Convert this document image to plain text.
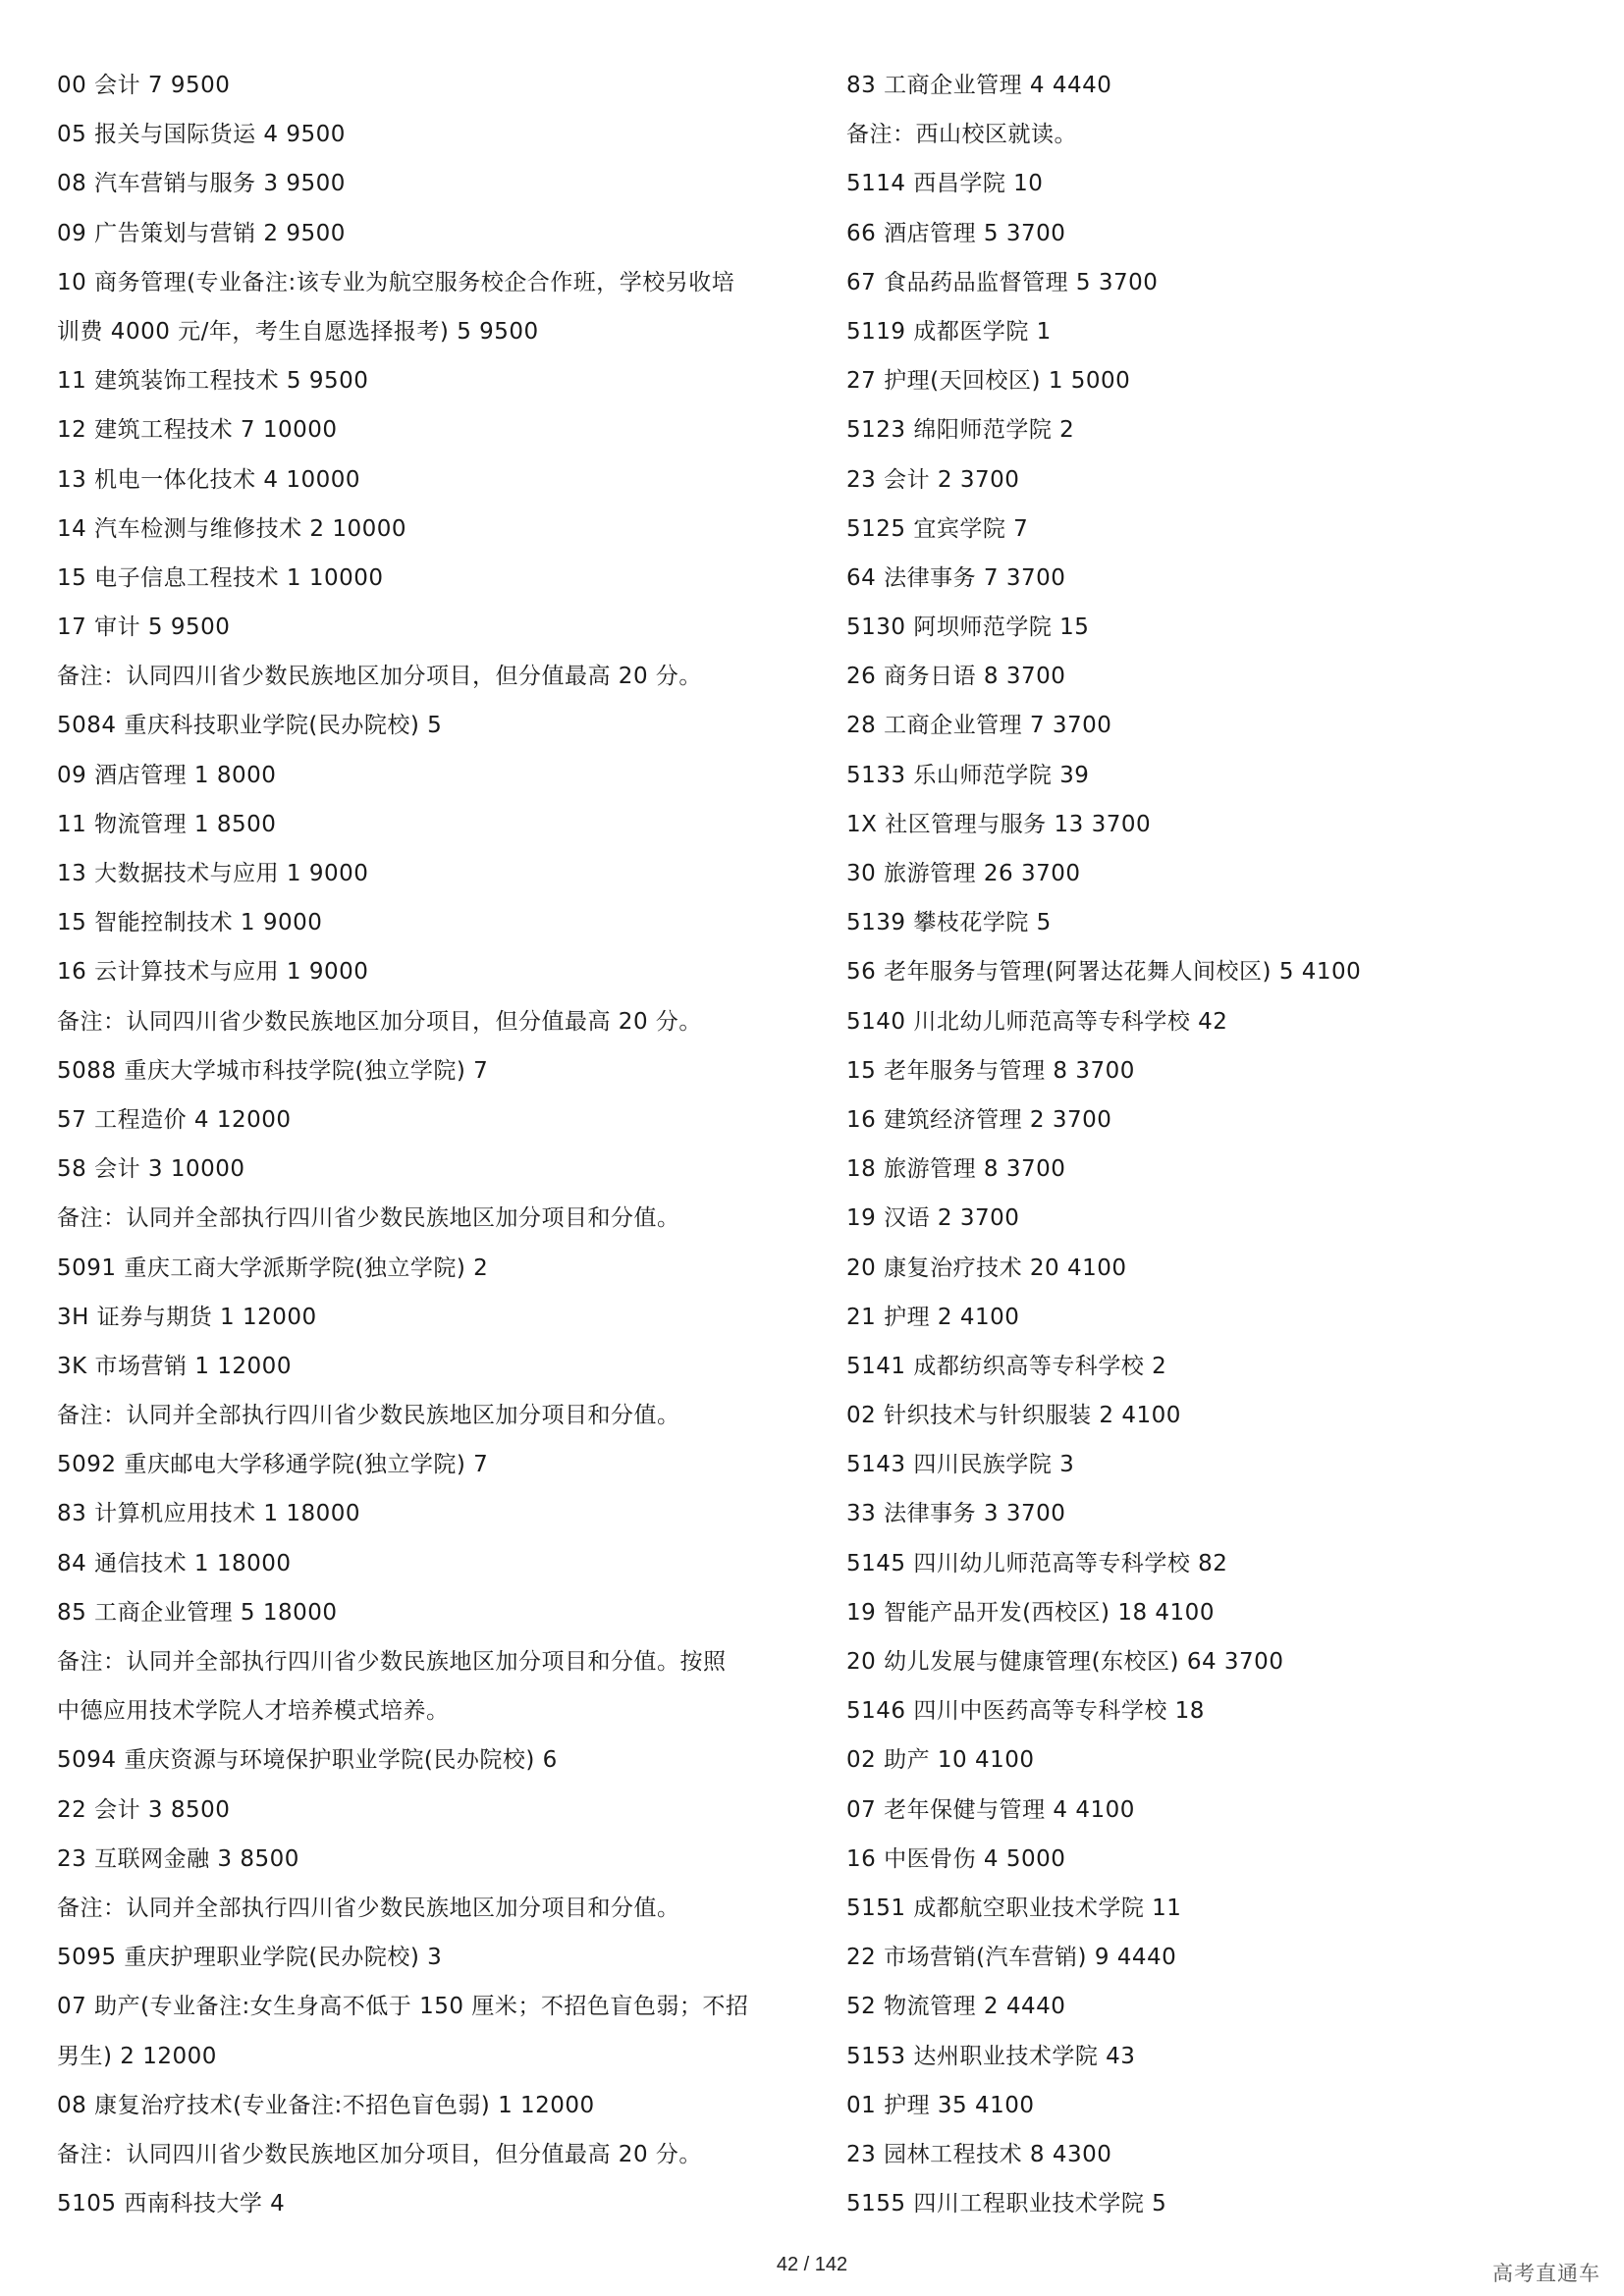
00 会计 7 9500
05 报关与国际货运 4 9500
08 汽车营销与服务 3 9500
09 广告策划与营销 2 9500
10 商务管理(专业备注:该专业为航空服务校企合作班，学校另收培
训费 4000 元/年，考生自愿选择报考) 5 9500
11 建筑装饰工程技术 5 9500
12 建筑工程技术 7 10000
13 机电一体化技术 4 10000
14 汽车检测与维修技术 2 10000
15 电子信息工程技术 1 10000
17 审计 5 9500
备注：认同四川省少数民族地区加分项目，但分值最高 20 分。
5084 重庆科技职业学院(民办院校) 5
09 酒店管理 1 8000
11 物流管理 1 8500
13 大数据技术与应用 1 9000
15 智能控制技术 1 9000
16 云计算技术与应用 1 9000
备注：认同四川省少数民族地区加分项目，但分值最高 20 分。
5088 重庆大学城市科技学院(独立学院) 7
57 工程造价 4 12000
58 会计 3 10000
备注：认同并全部执行四川省少数民族地区加分项目和分值。
5091 重庆工商大学派斯学院(独立学院) 2
3H 证券与期货 1 12000
3K 市场营销 1 12000
备注：认同并全部执行四川省少数民族地区加分项目和分值。
5092 重庆邮电大学移通学院(独立学院) 7
83 计算机应用技术 1 18000
84 通信技术 1 18000
85 工商企业管理 5 18000
备注：认同并全部执行四川省少数民族地区加分项目和分值。按照
中德应用技术学院人才培养模式培养。
5094 重庆资源与环境保护职业学院(民办院校) 6
22 会计 3 8500
23 互联网金融 3 8500
备注：认同并全部执行四川省少数民族地区加分项目和分值。
5095 重庆护理职业学院(民办院校) 3
07 助产(专业备注:女生身高不低于 150 厘米；不招色盲色弱；不招
男生) 2 12000
08 康复治疗技术(专业备注:不招色盲色弱) 1 12000
备注：认同四川省少数民族地区加分项目，但分值最高 20 分。
5105 西南科技大学 4
83 工商企业管理 4 4440
备注：西山校区就读。
5114 西昌学院 10
66 酒店管理 5 3700
67 食品药品监督管理 5 3700
5119 成都医学院 1
27 护理(天回校区) 1 5000
5123 绵阳师范学院 2
23 会计 2 3700
5125 宜宾学院 7
64 法律事务 7 3700
5130 阿坝师范学院 15
26 商务日语 8 3700
28 工商企业管理 7 3700
5133 乐山师范学院 39
1X 社区管理与服务 13 3700
30 旅游管理 26 3700
5139 攀枝花学院 5
56 老年服务与管理(阿署达花舞人间校区) 5 4100
5140 川北幼儿师范高等专科学校 42
15 老年服务与管理 8 3700
16 建筑经济管理 2 3700
18 旅游管理 8 3700
19 汉语 2 3700
20 康复治疗技术 20 4100
21 护理 2 4100
5141 成都纺织高等专科学校 2
02 针织技术与针织服装 2 4100
5143 四川民族学院 3
33 法律事务 3 3700
5145 四川幼儿师范高等专科学校 82
19 智能产品开发(西校区) 18 4100
20 幼儿发展与健康管理(东校区) 64 3700
5146 四川中医药高等专科学校 18
02 助产 10 4100
07 老年保健与管理 4 4100
16 中医骨伤 4 5000
5151 成都航空职业技术学院 11
22 市场营销(汽车营销) 9 4440
52 物流管理 2 4440
5153 达州职业技术学院 43
01 护理 35 4100
23 园林工程技术 8 4300
5155 四川工程职业技术学院 5
42 / 142	高考直通车
